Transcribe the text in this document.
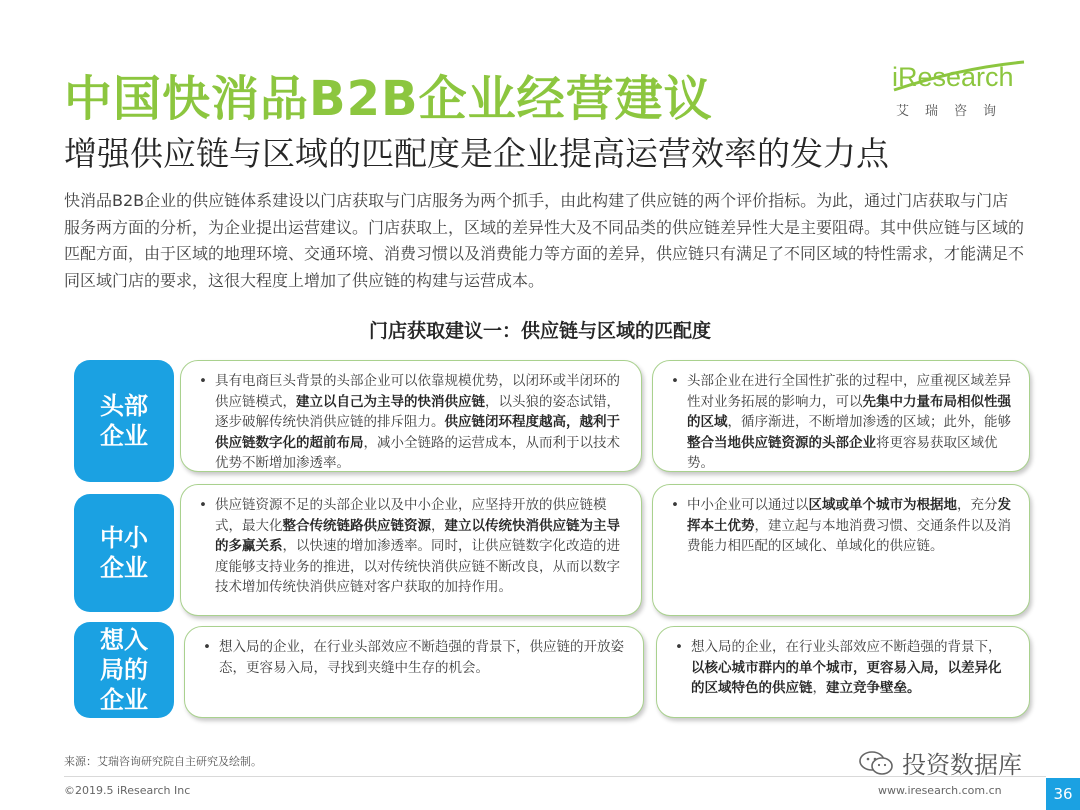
中国快消品B2B企业经营建议
增强供应链与区域的匹配度是企业提高运营效率的发力点
iResearch
艾瑞咨询
快消品B2B企业的供应链体系建设以门店获取与门店服务为两个抓手，由此构建了供应链的两个评价指标。为此，通过门店获取与门店服务两方面的分析，为企业提出运营建议。门店获取上，区域的差异性大及不同品类的供应链差异性大是主要阻碍。其中供应链与区域的匹配方面，由于区域的地理环境、交通环境、消费习惯以及消费能力等方面的差异，供应链只有满足了不同区域的特性需求，才能满足不同区域门店的要求，这很大程度上增加了供应链的构建与运营成本。
门店获取建议一：供应链与区域的匹配度
头部企业
• 具有电商巨头背景的头部企业可以依靠规模优势，以闭环或半闭环的供应链模式，建立以自己为主导的快消供应链，以头狼的姿态试错，逐步破解传统快消供应链的排斥阻力。供应链闭环程度越高，越利于供应链数字化的超前布局，减小全链路的运营成本，从而利于以技术优势不断增加渗透率。
• 头部企业在进行全国性扩张的过程中，应重视区域差异性对业务拓展的影响力，可以先集中力量布局相似性强的区域，循序渐进，不断增加渗透的区域；此外，能够整合当地供应链资源的头部企业将更容易获取区域优势。
中小企业
• 供应链资源不足的头部企业以及中小企业，应坚持开放的供应链模式，最大化整合传统链路供应链资源，建立以传统快消供应链为主导的多赢关系，以快速的增加渗透率。同时，让供应链数字化改造的进度能够支持业务的推进，以对传统快消供应链不断改良，从而以数字技术增加传统快消供应链对客户获取的加持作用。
• 中小企业可以通过以区域或单个城市为根据地，充分发挥本土优势，建立起与本地消费习惯、交通条件以及消费能力相匹配的区域化、单域化的供应链。
想入局的企业
• 想入局的企业，在行业头部效应不断趋强的背景下，供应链的开放姿态，更容易入局，寻找到夹缝中生存的机会。
• 想入局的企业，在行业头部效应不断趋强的背景下，以核心城市群内的单个城市，更容易入局，以差异化的区域特色的供应链，建立竞争壁垒。
来源：艾瑞咨询研究院自主研究及绘制。
©2019.5 iResearch Inc	www.iresearch.com.cn	36
投资数据库
